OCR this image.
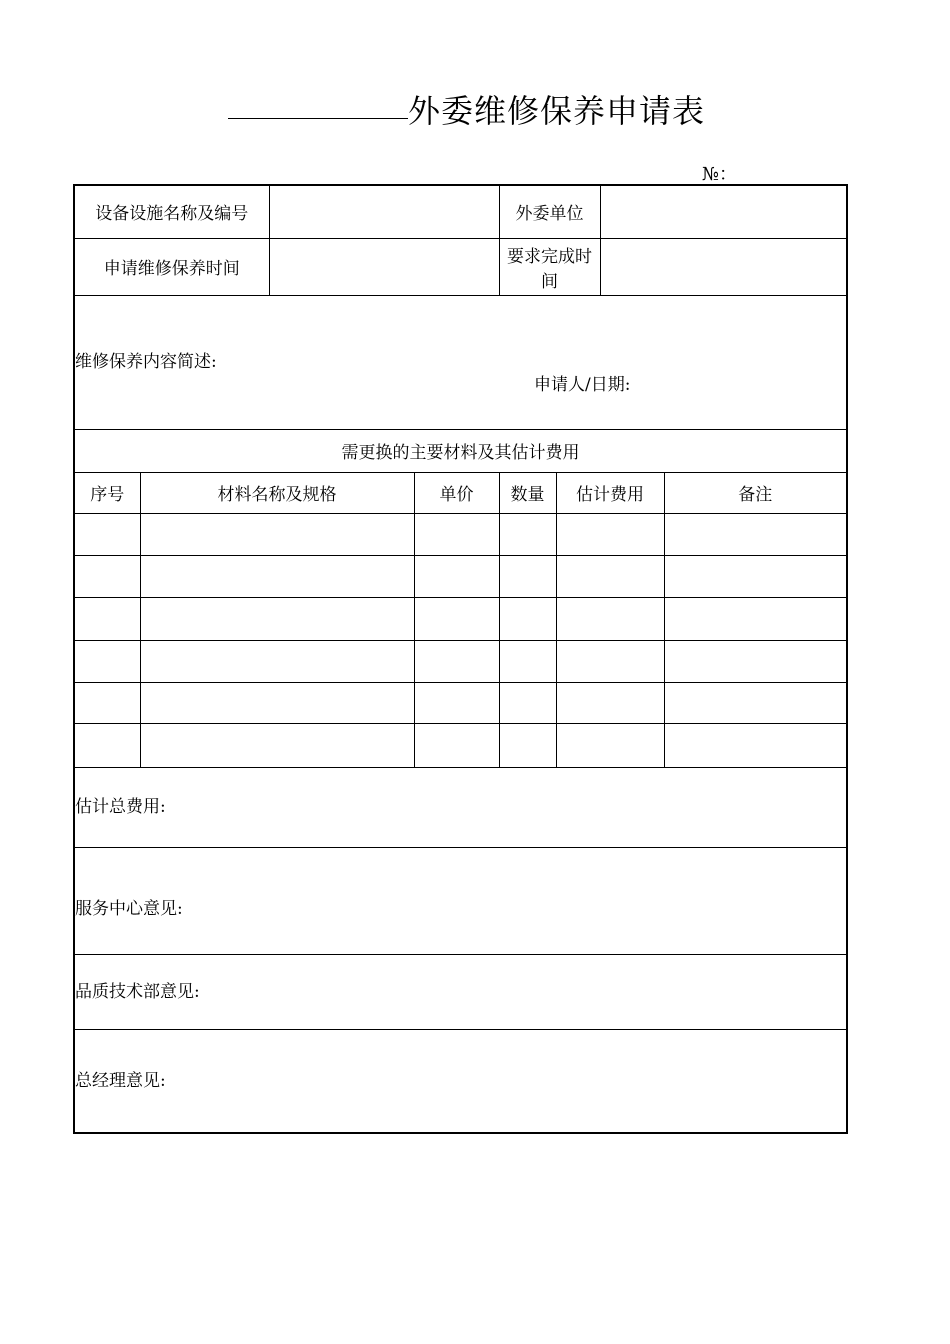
外委维修保养申请表
№：
设备设施名称及编号				外委单位			
申请维修保养时间				要求完成时间			

维修保养内容简述:							

需更换的主要材料及其估计费用							
序号	材料名称及规格		单价	数量	估计费用		备注

估计总费用:							

服务中心意见:							

品质技术部意见:							

总经理意见:							
申请人/日期:
